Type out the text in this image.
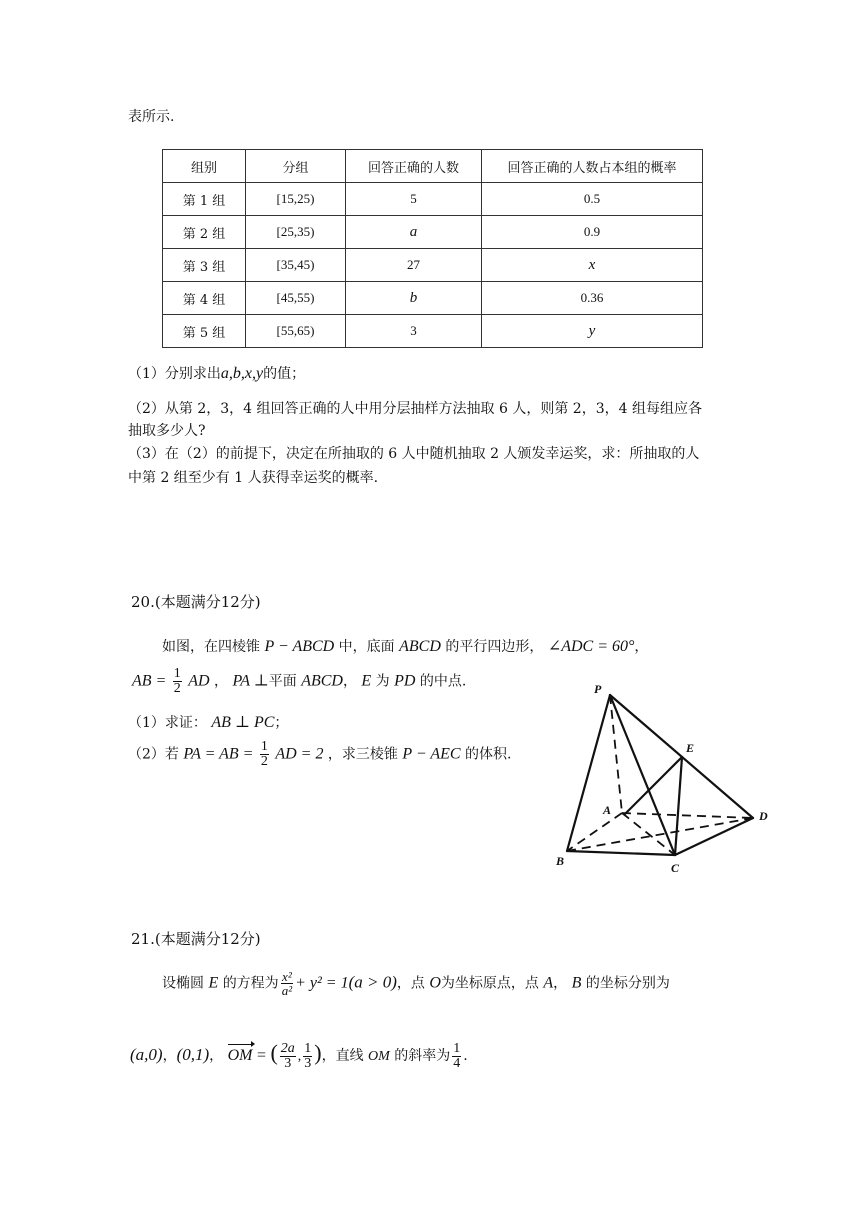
表所示.
组别	分组	回答正确的人数	回答正确的人数占本组的概率
第 1 组	[15,25)	5	0.5
第 2 组	[25,35)	a	0.9
第 3 组	[35,45)	27	x
第 4 组	[45,55)	b	0.36
第 5 组	[55,65)	3	y
（1）分别求出a,b,x,y的值；
（2）从第 2，3，4 组回答正确的人中用分层抽样方法抽取 6 人，则第 2，3，4 组每组应各
抽取多少人?
（3）在（2）的前提下，决定在所抽取的 6 人中随机抽取 2 人颁发幸运奖，求：所抽取的人
中第 2 组至少有 1 人获得幸运奖的概率.
20.(本题满分12分)
如图，在四棱锥 P − ABCD 中，底面 ABCD 的平行四边形， ∠ADC = 60°，
AB = $\frac{1}{2}$ AD ， PA ⊥平面 ABCD， E 为 PD 的中点.
（1）求证： AB ⊥ PC；
（2）若 PA = AB = $\frac{1}{2}$ AD = 2 ，求三棱锥 P − AEC 的体积.
P
E
A	D
B	C
21.(本题满分12分)
设椭圆 E 的方程为 $\frac{\text{x²}}{\text{a²}} + y^2 = 1(a > 0)$，点 O为坐标原点，点 A， B 的坐标分别为
(a,0)，(0,1)， OM = ( $\frac{2a}{3}$ , $\frac{1}{3}$ )，直线 OM 的斜率为 $\frac{1}{4}$ .
